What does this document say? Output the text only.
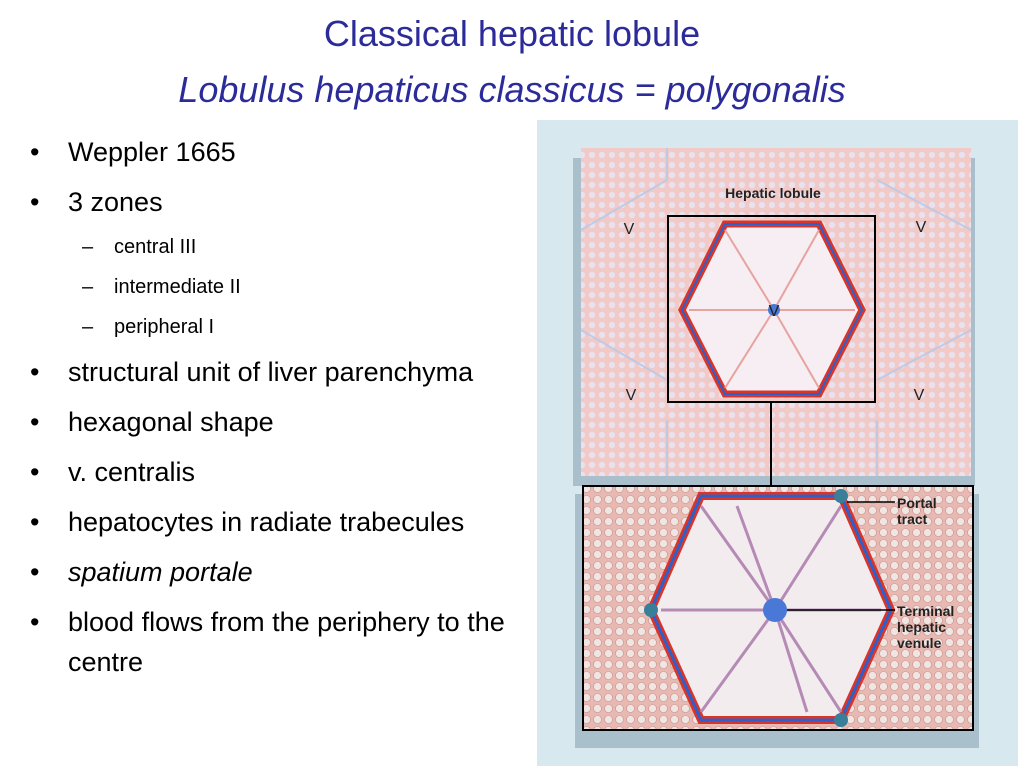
Classical hepatic lobule
Lobulus hepaticus classicus = polygonalis
• Weppler 1665
• 3 zones
– central III
– intermediate II
– peripheral I
• structural unit of liver parenchyma
• hexagonal shape
• v. centralis
• hepatocytes in radiate trabecules
• spatium portale
• blood flows from the periphery to the centre
Hepatic lobule
V	V
V
V	V
Portal tract
Terminal hepatic venule
